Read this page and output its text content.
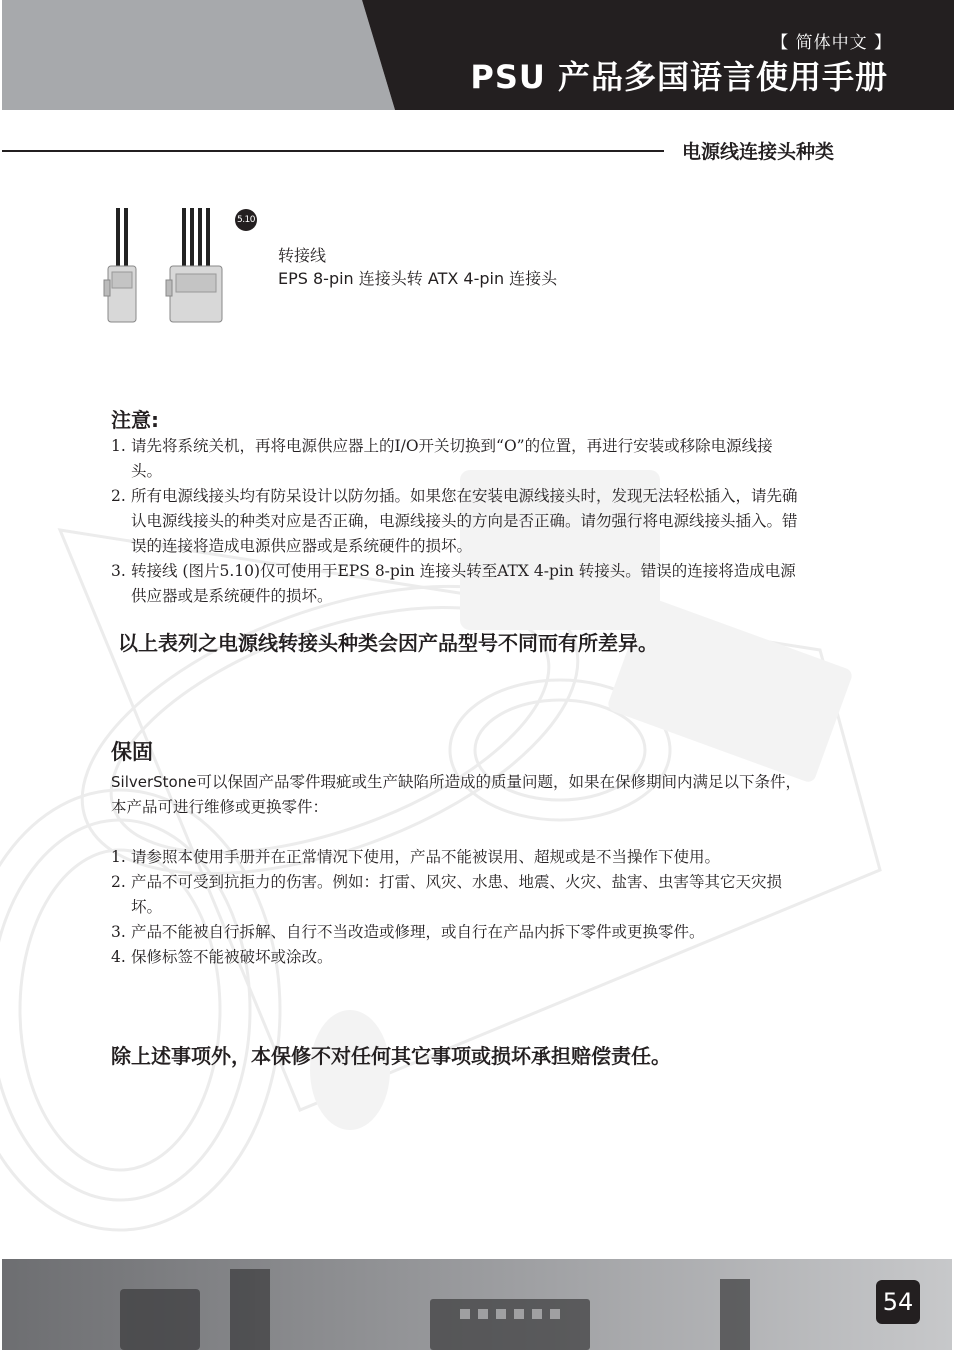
【 简体中文 】
PSU 产品多国语言使用手册
电源线连接头种类
5.10
转接线
EPS 8-pin 连接头转 ATX 4-pin 连接头
注意:
1. 请先将系统关机，再将电源供应器上的I/O开关切换到“O”的位置，再进行安装或移除电源线接头。
2. 所有电源线接头均有防呆设计以防勿插。如果您在安装电源线接头时，发现无法轻松插入，请先确认电源线接头的种类对应是否正确，电源线接头的方向是否正确。请勿强行将电源线接头插入。错误的连接将造成电源供应器或是系统硬件的损坏。
3. 转接线 (图片5.10)仅可使用于EPS 8-pin 连接头转至ATX 4-pin 转接头。错误的连接将造成电源供应器或是系统硬件的损坏。
以上表列之电源线转接头种类会因产品型号不同而有所差异。
保固

SilverStone可以保固产品零件瑕疵或生产缺陷所造成的质量问题，如果在保修期间内满足以下条件，本产品可进行维修或更换零件：

1. 请参照本使用手册并在正常情况下使用，产品不能被误用、超规或是不当操作下使用。
2. 产品不可受到抗拒力的伤害。例如：打雷、风灾、水患、地震、火灾、盐害、虫害等其它天灾损坏。
3. 产品不能被自行拆解、自行不当改造或修理，或自行在产品内拆下零件或更换零件。
4. 保修标签不能被破坏或涂改。
除上述事项外，本保修不对任何其它事项或损坏承担赔偿责任。
54
